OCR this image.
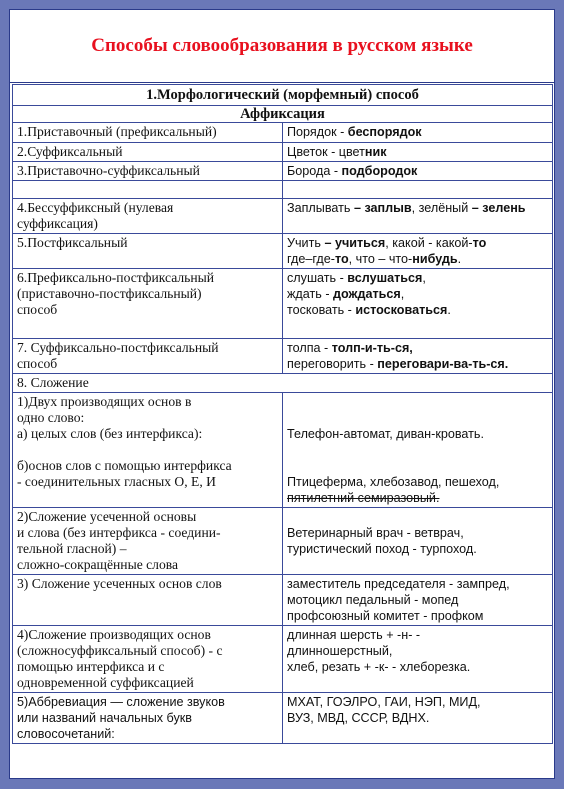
Способы словообразования в русском языке
1.Морфологический (морфемный) способ	
Аффиксация	
1.Приставочный (префиксальный)	Порядок - беспорядок
2.Суффиксальный	Цветок - цветник
3.Приставочно-суффиксальный	Борода - подбородок

4.Бессуффиксный (нулевая
суффиксация)	Заплывать – заплыв, зелёный – зелень
5.Постфиксальный	Учить – учиться, какой - какой-то
где–где-то, что – что-нибудь.
6.Префиксально-постфиксальный
(приставочно-постфиксальный)
способ	слушать - вслушаться,
ждать - дождаться,
тосковать - истосковаться.
7. Суффиксально-постфиксальный
способ	толпа - толп-и-ть-ся,
переговорить - переговари-ва-ть-ся.
8. Сложение	
1)Двух производящих основ в
одно слово:
а) целых слов (без интерфикса):
б)основ слов с помощью интерфикса
- соединительных гласных О, Е, И	Телефон-автомат, диван-кровать.
Птицеферма, хлебозавод, пешеход,
пятилетний семиразовый.
2)Сложение усеченной основы
и слова (без интерфикса - соедини-
тельной гласной) –
сложно-сокращённые слова	Ветеринарный врач - ветврач,
туристический поход - турпоход.
3) Сложение усеченных основ слов	заместитель председателя - зампред,
мотоцикл педальный - мопед
профсоюзный комитет - профком
4)Сложение производящих основ
(сложносуффиксальный способ) - с
помощью интерфикса и с
одновременной суффиксацией	длинная шерсть + -н- -
длинношерстный,
хлеб, резать + -к- - хлеборезка.
5)Аббревиация — сложение звуков
или названий начальных букв
словосочетаний:	МХАТ, ГОЭЛРО, ГАИ, НЭП, МИД,
ВУЗ, МВД, СССР, ВДНХ.
